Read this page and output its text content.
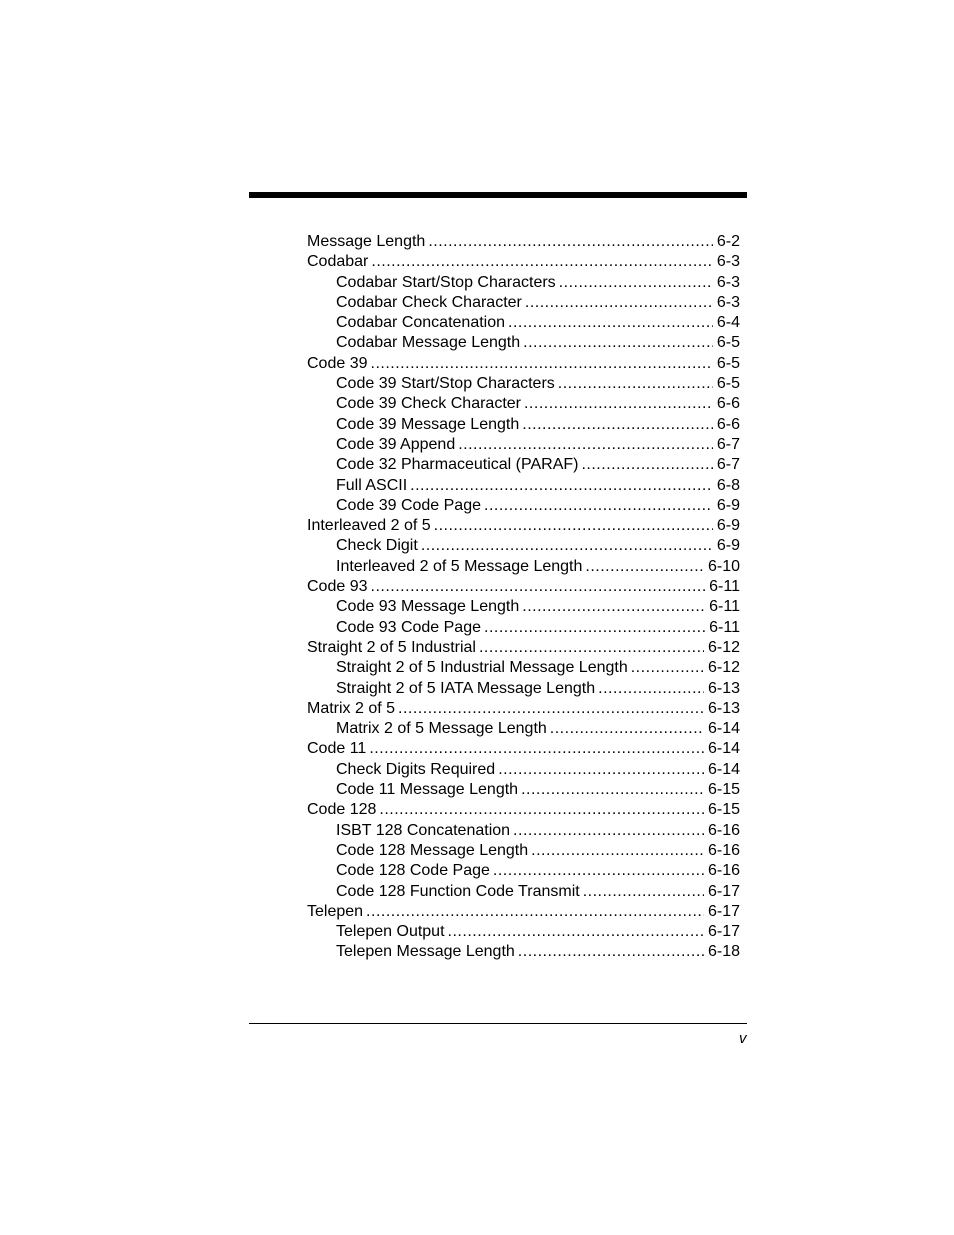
Message Length .....	6-2
Codabar .....	6-3
Codabar Start/Stop Characters .....	6-3
Codabar Check Character .....	6-3
Codabar Concatenation .....	6-4
Codabar Message Length .....	6-5
Code 39 .....	6-5
Code 39 Start/Stop Characters .....	6-5
Code 39 Check Character .....	6-6
Code 39 Message Length .....	6-6
Code 39 Append .....	6-7
Code 32 Pharmaceutical (PARAF) .....	6-7
Full ASCII .....	6-8
Code 39 Code Page .....	6-9
Interleaved 2 of 5 .....	6-9
Check Digit .....	6-9
Interleaved 2 of 5 Message Length .....	6-10
Code 93 .....	6-11
Code 93 Message Length .....	6-11
Code 93 Code Page .....	6-11
Straight 2 of 5 Industrial .....	6-12
Straight 2 of 5 Industrial Message Length .....	6-12
Straight 2 of 5 IATA Message Length .....	6-13
Matrix 2 of 5 .....	6-13
Matrix 2 of 5 Message Length .....	6-14
Code 11 .....	6-14
Check Digits Required .....	6-14
Code 11 Message Length .....	6-15
Code 128 .....	6-15
ISBT 128 Concatenation .....	6-16
Code 128 Message Length .....	6-16
Code 128 Code Page .....	6-16
Code 128 Function Code Transmit .....	6-17
Telepen .....	6-17
Telepen Output .....	6-17
Telepen Message Length .....	6-18
v
